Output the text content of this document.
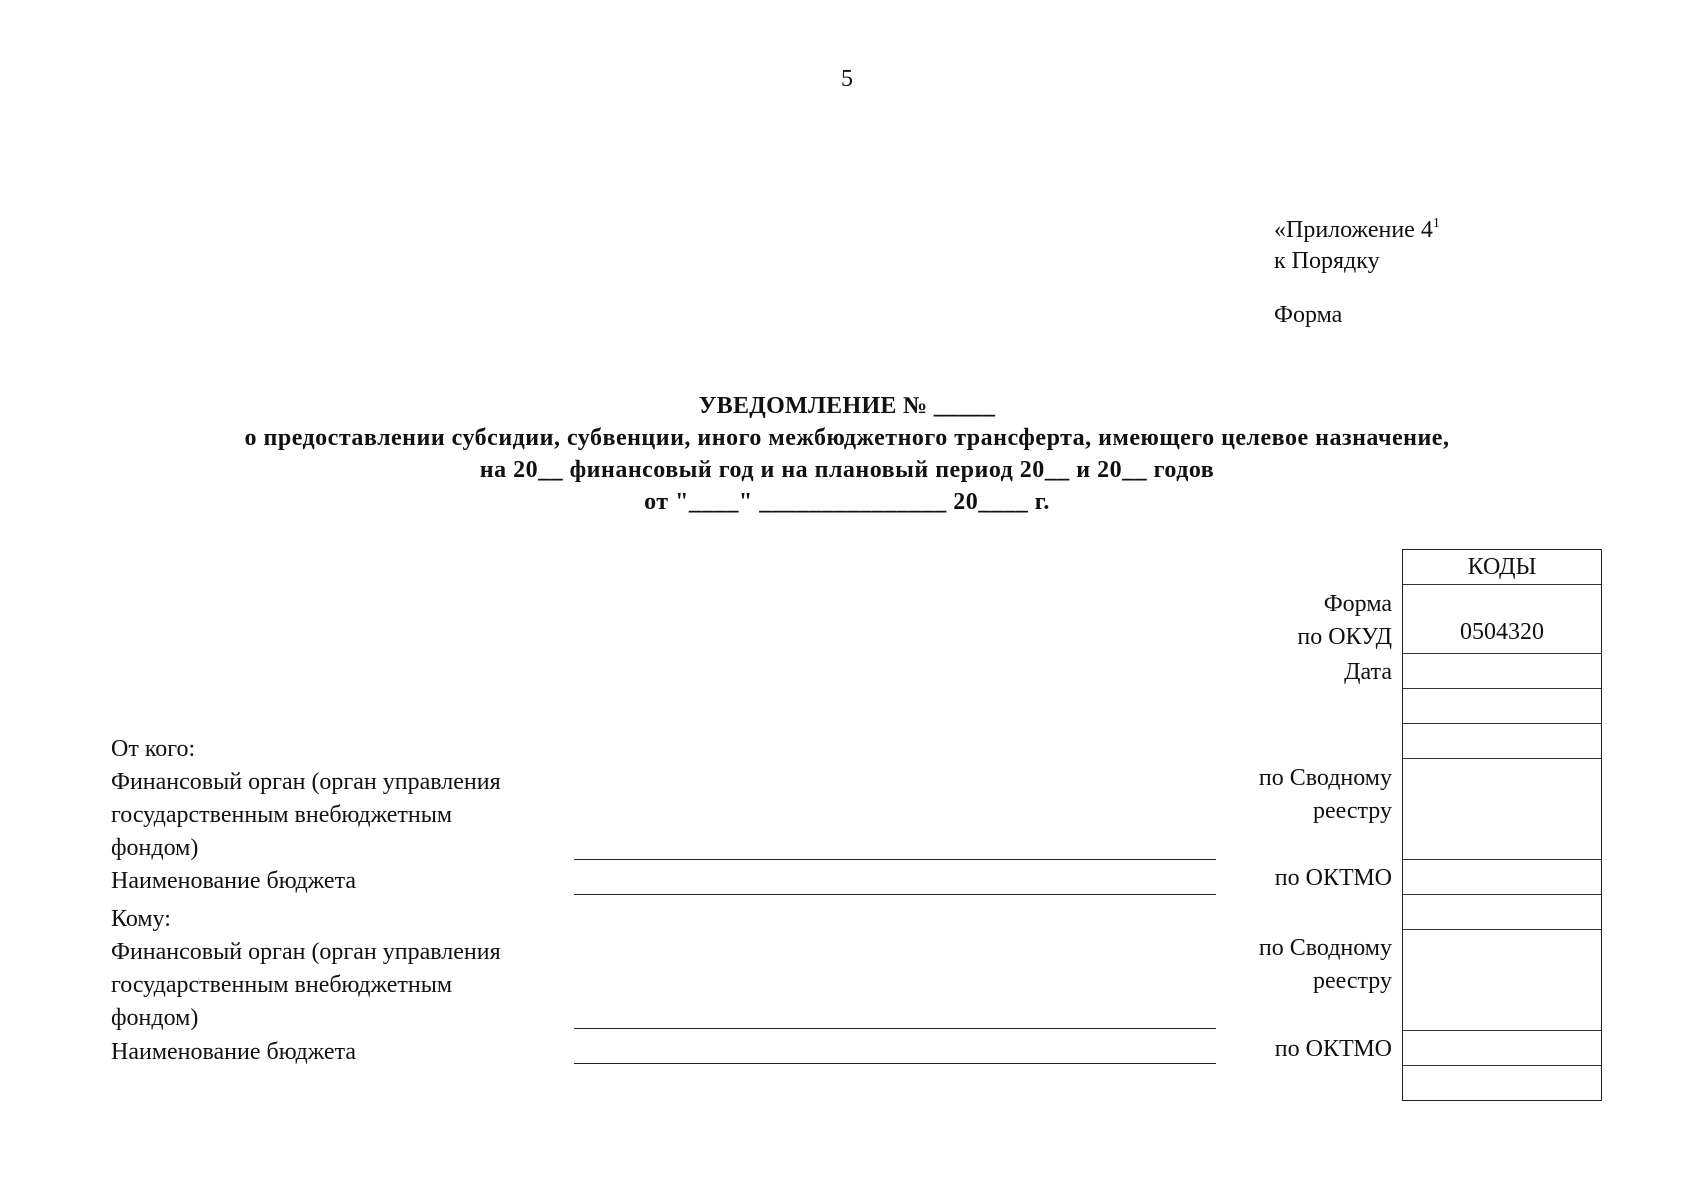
5
«Приложение $4^1$
к Порядку
Форма
УВЕДОМЛЕНИЕ № _____
о предоставлении субсидии, субвенции, иного межбюджетного трансферта, имеющего целевое назначение,
на 20__ финансовый год и на плановый период 20__ и 20__ годов
от "____" _______________ 20____ г.
КОДЫ
0504320
Форма
по ОКУД
Дата
по Сводному
реестру
по ОКТМО
по Сводному
реестру
по ОКТМО
От кого:
Финансовый орган (орган управления
государственным внебюджетным
фондом)
Наименование бюджета
Кому:
Финансовый орган (орган управления
государственным внебюджетным
фондом)
Наименование бюджета
